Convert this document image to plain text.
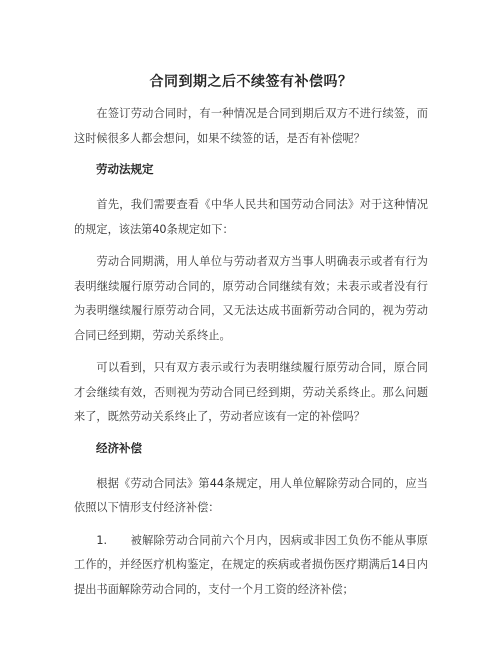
合同到期之后不续签有补偿吗？

在签订劳动合同时，有一种情况是合同到期后双方不进行续签，而这时候很多人都会想问，如果不续签的话，是否有补偿呢？

劳动法规定

首先，我们需要查看《中华人民共和国劳动合同法》对于这种情况的规定，该法第40条规定如下：

劳动合同期满，用人单位与劳动者双方当事人明确表示或者有行为表明继续履行原劳动合同的，原劳动合同继续有效；未表示或者没有行为表明继续履行原劳动合同，又无法达成书面新劳动合同的，视为劳动合同已经到期，劳动关系终止。

可以看到，只有双方表示或行为表明继续履行原劳动合同，原合同才会继续有效，否则视为劳动合同已经到期，劳动关系终止。那么问题来了，既然劳动关系终止了，劳动者应该有一定的补偿吗？

经济补偿

根据《劳动合同法》第44条规定，用人单位解除劳动合同的，应当依照以下情形支付经济补偿：

1. 被解除劳动合同前六个月内，因病或非因工负伤不能从事原工作的，并经医疗机构鉴定，在规定的疾病或者损伤医疗期满后14日内提出书面解除劳动合同的，支付一个月工资的经济补偿；
